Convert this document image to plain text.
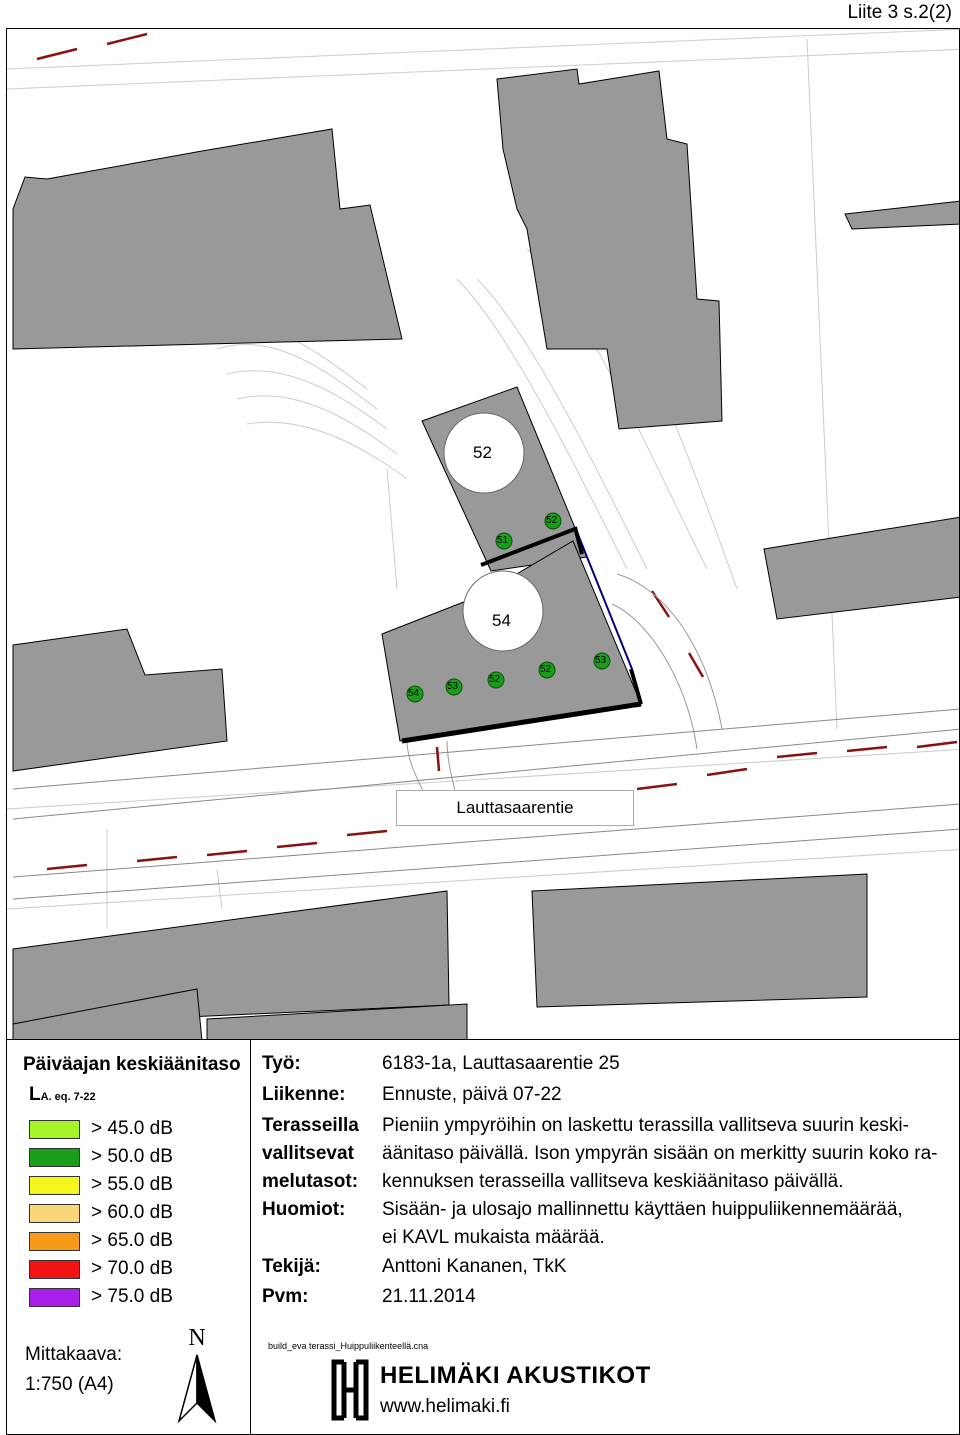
Liite 3 s.2(2)
52
54
51
52
54
53
52
52
53
Lauttasaarentie
Päiväajan keskiäänitaso
LA. eq. 7-22
> 45.0 dB
> 50.0 dB
> 55.0 dB
> 60.0 dB
> 65.0 dB
> 70.0 dB
> 75.0 dB
Mittakaava:
1:750 (A4)
N
Työ:	6183-1a, Lauttasaarentie 25
Liikenne: Ennuste, päivä 07-22
Terasseilla
vallitsevat
melutasot:
Pieniin ympyröihin on laskettu terassilla vallitseva suurin keski-
äänitaso päivällä. Ison ympyrän sisään on merkitty suurin koko ra-
kennuksen terasseilla vallitseva keskiäänitaso päivällä.
Huomiot: Sisään- ja ulosajo mallinnettu käyttäen huippuliikennemäärää,
ei KAVL mukaista määrää.
Tekijä:	Anttoni Kananen, TkK
Pvm:	21.11.2014
build_eva terassi_Huippuliikenteellä.cna
HELIMÄKI AKUSTIKOT
www.helimaki.fi
